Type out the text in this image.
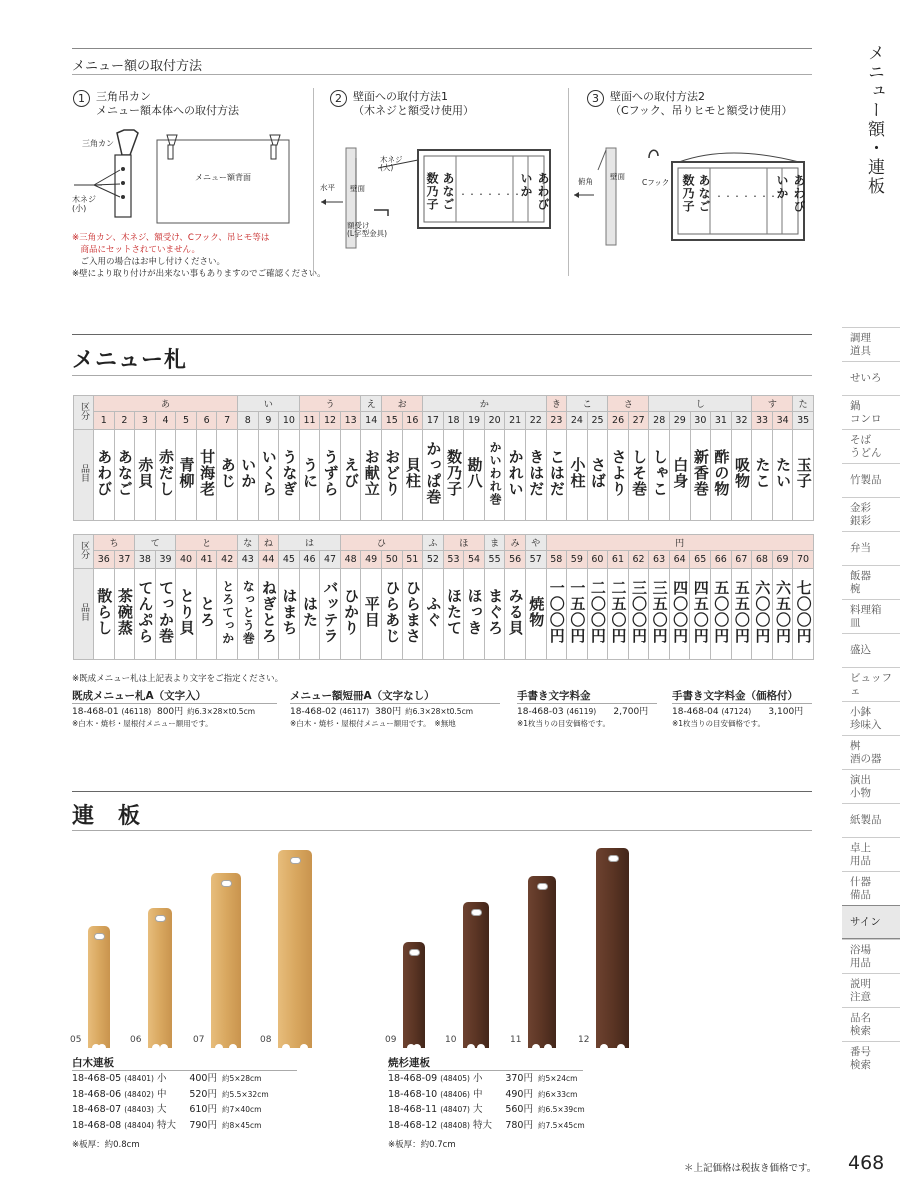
メニュー額・連板
調理
道具
せいろ
鍋
コンロ
そば
うどん
竹製品
金彩
銀彩
弁当
飯器
椀
料理箱
皿
盛込
ビュッフェ
小鉢
珍味入
桝
酒の器
演出
小物
紙製品
卓上
用品
什器
備品
サイン
浴場
用品
説明
注意
品名
検索
番号
検索
468
＊上記価格は税抜き価格です。
メニュー額の取付方法
1 三角吊カン
メニュー額本体への取付方法
2 壁面への取付方法1
（木ネジと額受け使用）
3 壁面への取付方法2
（Cフック、吊りヒモと額受け使用）
三角カン
木ネジ
(小)
メニュー額背面
木ネジ
(大)
壁面
水平
額受け
(L字型金具)
Cフック
壁面
俯角
数乃子 あなご	いか あわび
・・・・・・・	数乃子 あなご	いか あわび
・・・・・・・
※三角カン、木ネジ、額受け、Cフック、吊ヒモ等は
　商品にセットされていません。
　ご入用の場合はお申し付けください。
※壁により取り付けが出来ない事もありますのでご確認ください。
メニュー札
区分	あ							い			う			え	お		か						き	こ		さ		し					す		た
	1	2	3	4	5	6	7	8	9	10	11	12	13	14	15	16	17	18	19	20	21	22	23	24	25	26	27	28	29	30	31	32	33	34	35
品目	あわび	あなご	赤貝	赤だし	青柳	甘海老	あじ	いか	いくら	うなぎ	うに	うずら	えび	お献立	おどり	貝柱	かっぱ巻	数乃子	勘八	かいわれ巻	かれい	きはだ	こはだ	小柱	さば	さより	しそ巻	しゃこ	白身	新香巻	酢の物	吸物	たこ	たい	玉子
区分	ち		て		と			な	ね	は			ひ				ふ	ほ		ま	み	や	円												
	36	37	38	39	40	41	42	43	44	45	46	47	48	49	50	51	52	53	54	55	56	57	58	59	60	61	62	63	64	65	66	67	68	69	70
品目	散らし	茶碗蒸	てんぷら	てっか巻	とり貝	とろ	とろてっか	なっとう巻	ねぎとろ	はまち	はた	バッテラ	ひかり	平目	ひらあじ	ひらまさ	ふぐ	ほたて	ほっき	まぐろ	みる貝	焼物	一〇〇円	一五〇円	二〇〇円	二五〇円	三〇〇円	三五〇円	四〇〇円	四五〇円	五〇〇円	五五〇円	六〇〇円	六五〇円	七〇〇円
※既成メニュー札は上記表より文字をご指定ください。
既成メニュー札A（文字入）
18-468-01 (46118) 800円 約6.3×28×t0.5cm
※白木・焼杉・屋根付メニュー額用です。
メニュー額短冊A（文字なし）
18-468-02 (46117) 380円 約6.3×28×t0.5cm
※白木・焼杉・屋根付メニュー額用です。　※無地
手書き文字料金
18-468-03 (46119) 2,700円
※1枚当りの目安価格です。
手書き文字料金（価格付）
18-468-04 (47124) 3,100円
※1枚当りの目安価格です。
連　板
05	06	07	08	09	10	11	12
白木連板
18-468-05 (48401) 小 400円 約5×28cm
18-468-06 (48402) 中 520円 約5.5×32cm
18-468-07 (48403) 大 610円 約7×40cm
18-468-08 (48404) 特大 790円 約8×45cm
※板厚：約0.8cm
焼杉連板
18-468-09 (48405) 小 370円 約5×24cm
18-468-10 (48406) 中 490円 約6×33cm
18-468-11 (48407) 大 560円 約6.5×39cm
18-468-12 (48408) 特大 780円 約7.5×45cm
※板厚：約0.7cm
